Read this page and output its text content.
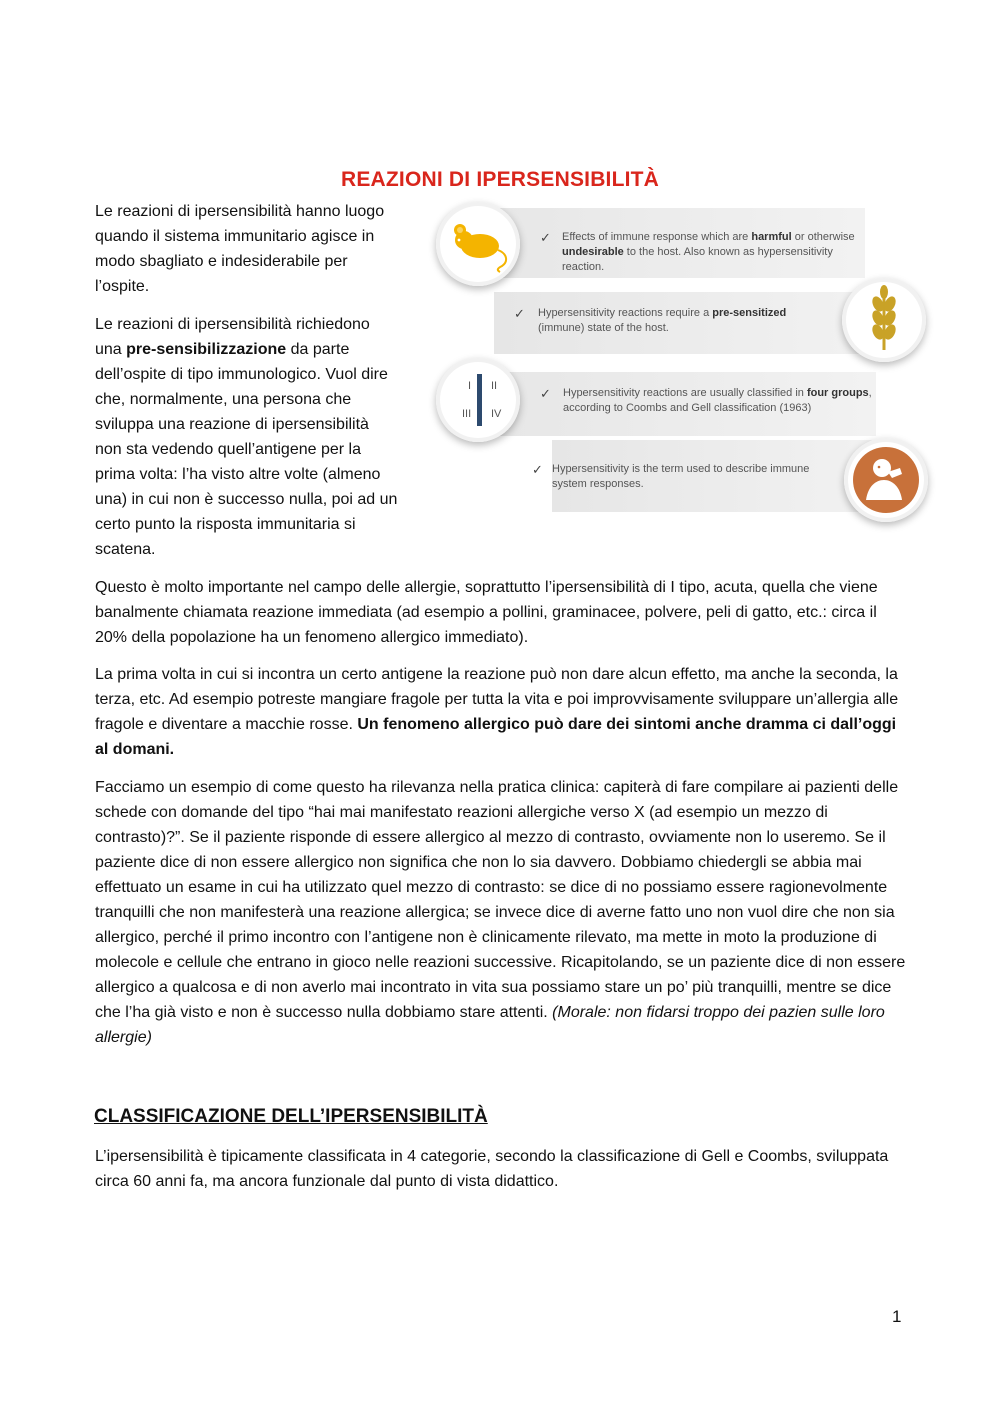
REAZIONI DI IPERSENSIBILITÀ

Le reazioni di ipersensibilità hanno luogo quando il sistema immunitario agisce in modo sbagliato e indesiderabile per l’ospite.

Le reazioni di ipersensibilità richiedono una pre-sensibilizzazione da parte dell’ospite di tipo immunologico. Vuol dire che, normalmente, una persona che sviluppa una reazione di ipersensibilità non sta vedendo quell’antigene per la prima volta: l’ha visto altre volte (almeno una) in cui non è successo nulla, poi ad un certo punto la risposta immunitaria si scatena.

✓ Effects of immune response which are harmful or otherwise undesirable to the host. Also known as hypersensitivity reaction.
✓ Hypersensitivity reactions require a pre-sensitized (immune) state of the host.
✓ Hypersensitivity reactions are usually classified in four groups, according to Coombs and Gell classification (1963)
✓ Hypersensitivity is the term used to describe immune system responses.
I II
III IV

Questo è molto importante nel campo delle allergie, soprattutto l’ipersensibilità di I tipo, acuta, quella che viene banalmente chiamata reazione immediata (ad esempio a pollini, graminacee, polvere, peli di gatto, etc.: circa il 20% della popolazione ha un fenomeno allergico immediato).

La prima volta in cui si incontra un certo antigene la reazione può non dare alcun effetto, ma anche la seconda, la terza, etc. Ad esempio potreste mangiare fragole per tutta la vita e poi improvvisamente sviluppare un’allergia alle fragole e diventare a macchie rosse. Un fenomeno allergico può dare dei sintomi anche dramma ci dall’oggi al domani.

Facciamo un esempio di come questo ha rilevanza nella pratica clinica: capiterà di fare compilare ai pazienti delle schede con domande del tipo “hai mai manifestato reazioni allergiche verso X (ad esempio un mezzo di contrasto)?”. Se il paziente risponde di essere allergico al mezzo di contrasto, ovviamente non lo useremo. Se il paziente dice di non essere allergico non significa che non lo sia davvero. Dobbiamo chiedergli se abbia mai effettuato un esame in cui ha utilizzato quel mezzo di contrasto: se dice di no possiamo essere ragionevolmente tranquilli che non manifesterà una reazione allergica; se invece dice di averne fatto uno non vuol dire che non sia allergico, perché il primo incontro con l’antigene non è clinicamente rilevato, ma mette in moto la produzione di molecole e cellule che entrano in gioco nelle reazioni successive. Ricapitolando, se un paziente dice di non essere allergico a qualcosa e di non averlo mai incontrato in vita sua possiamo stare un po’ più tranquilli, mentre se dice che l’ha già visto e non è successo nulla dobbiamo stare attenti. (Morale: non fidarsi troppo dei pazien sulle loro allergie)

CLASSIFICAZIONE DELL’IPERSENSIBILITÀ

L’ipersensibilità è tipicamente classificata in 4 categorie, secondo la classificazione di Gell e Coombs, sviluppata circa 60 anni fa, ma ancora funzionale dal punto di vista didattico.

1
